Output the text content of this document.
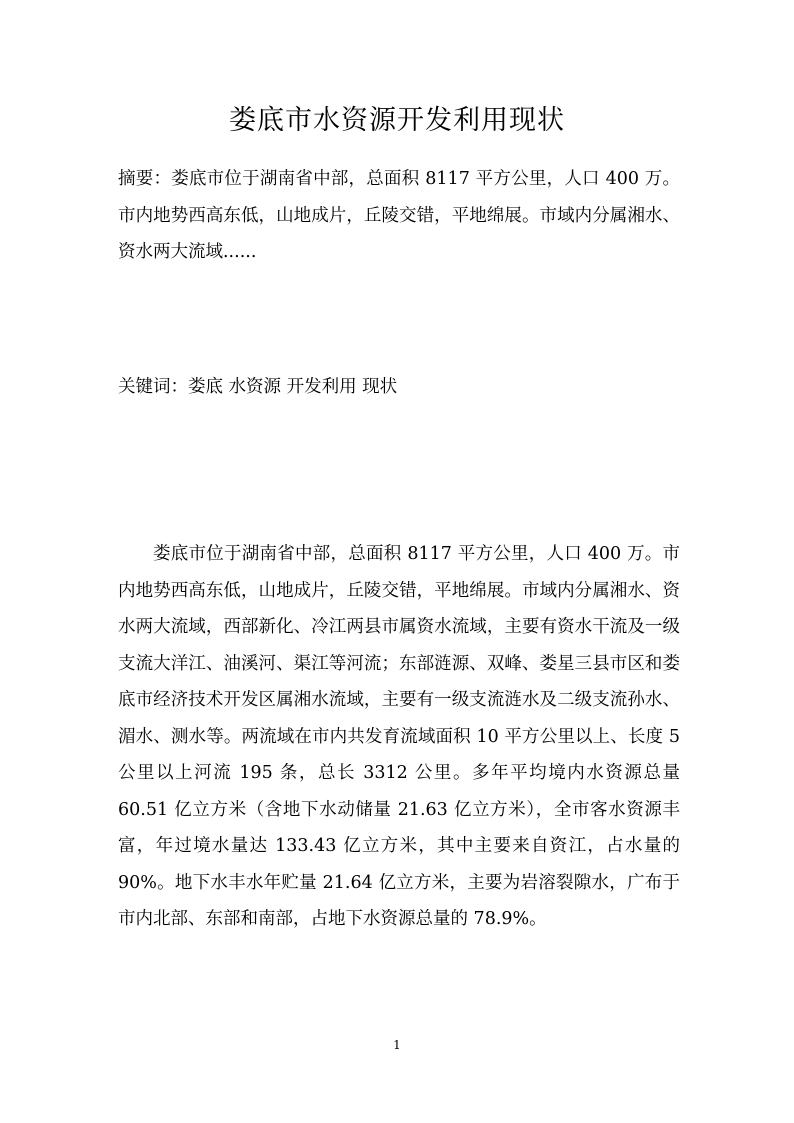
娄底市水资源开发利用现状

摘要：娄底市位于湖南省中部，总面积 8117 平方公里，人口 400 万。市内地势西高东低，山地成片，丘陵交错，平地绵展。市域内分属湘水、资水两大流域......

关键词：娄底 水资源 开发利用 现状

娄底市位于湖南省中部，总面积 8117 平方公里，人口 400 万。市内地势西高东低，山地成片，丘陵交错，平地绵展。市域内分属湘水、资水两大流域，西部新化、冷江两县市属资水流域，主要有资水干流及一级支流大洋江、油溪河、渠江等河流；东部涟源、双峰、娄星三县市区和娄底市经济技术开发区属湘水流域，主要有一级支流涟水及二级支流孙水、湄水、测水等。两流域在市内共发育流域面积 10 平方公里以上、长度 5 公里以上河流 195 条，总长 3312 公里。多年平均境内水资源总量 60.51 亿立方米（含地下水动储量 21.63 亿立方米），全市客水资源丰富，年过境水量达 133.43 亿立方米，其中主要来自资江，占水量的 90%。地下水丰水年贮量 21.64 亿立方米，主要为岩溶裂隙水，广布于市内北部、东部和南部，占地下水资源总量的 78.9%。

1
